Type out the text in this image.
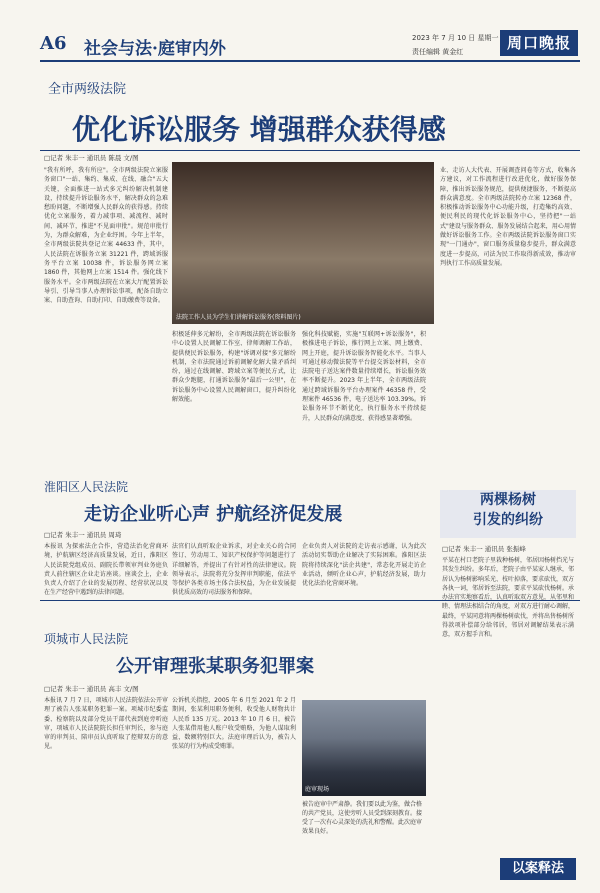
A6 社会与法·庭审内外
2023 年 7 月 10 日 星期一
责任编辑 黄金红	周口晚报
全市两级法院
优化诉讼服务 增强群众获得感
□记者 朱丰一 通讯员 陈晨 文/图
"我有所呼，我有所应"。全市两级法院立案服务窗口"一站、集约、集成、在线、融合"五大关键，全面推进一站式多元纠纷解决机制建设，持续提升诉讼服务水平，解决群众的急难愁盼问题，不断增强人民群众的获得感。持续优化立案服务，着力减事项、减流程、减时间、减环节，推进"不见面审批"。规范审批行为，为群众解难，为企业纾困。今年上半年，全市两级法院共登记立案 44633 件，其中，人民法院在诉服务立案 31221 件，跨域诉服务平台立案 10038 件，诉讼服务网立案 1860 件，其他网上立案 1514 件。强化线下服务水平。全市两级法院在立案大厅配置诉讼导引、引导当事人办理诉讼事项，配备自助立案、自助查询、自助打印、自助缴费等设备。
法院工作人员为学生们讲解诉讼服务(资料图片)
积极延伸多元解纷，全市两级法院在诉讼服务中心设置人民调解工作室、律师调解工作站，提供便民诉讼服务，构建"诉调对接"多元解纷机制，全市法院通过诉前调解化解大量矛盾纠纷，通过在线调解、跨域立案等便民方式，让群众少跑腿，打通诉讼服务"最后一公里"，在诉讼服务中心设置人民调解窗口，提升纠纷化解效能。
强化科技赋能，实施"互联网+诉讼服务"，积极推进电子诉讼，推行网上立案、网上缴费、网上开庭，提升诉讼服务智能化水平。当事人可通过移动微法院等平台提交诉讼材料，全市法院电子送达案件数量持续增长，诉讼服务效率不断提升。2023 年上半年，全市两级法院通过跨域诉服务平台办理案件 46358 件，受理案件 46536 件，电子送达率 103.39%。诉讼服务环节不断优化，执行服务水平持续提升，人民群众的满意度、获得感显著增强。
业、走访人大代表、开展调查问卷等方式，收集各方建议，对工作流程进行改进优化，做好服务保障，推出诉讼服务规范，提供便捷服务，不断提高群众满意度。全市两级法院转办立案 12368 件，积极推动诉讼服务中心功能升级，打造集约高效、便民利民的现代化诉讼服务中心，坚持把"一站式"建设与服务群众、服务发展结合起来，用心用情做好诉讼服务工作。全市两级法院诉讼服务窗口实现"一门通办"，窗口服务质量稳步提升，群众满意度进一步提高，司法为民工作取得新成效，推动审判执行工作高质量发展。
淮阳区人民法院
走访企业听心声 护航经济促发展
□记者 朱丰一 通讯员 周琦
本报讯 为探索法企合作，营造法治化营商环境，护航辖区经济高质量发展，近日，淮阳区人民法院党组成员、副院长带领审判业务庭负责人前往辖区企业走访座谈。座谈会上，企业负责人介绍了企业的发展历程、经营状况以及在生产经营中遇到的法律问题。
法官们认真听取企业诉求，对企业关心的合同签订、劳动用工、知识产权保护等问题进行了详细解答，并提出了有针对性的法律建议。院领导表示，法院将充分发挥审判职能，依法平等保护各类市场主体合法权益，为企业发展提供优质高效的司法服务和保障。
企业负责人对法院的走访表示感谢，认为此次活动切实帮助企业解决了实际困难。淮阳区法院将持续深化"法企共建"，常态化开展走访企业活动，倾听企业心声，护航经济发展，助力优化法治化营商环境。
项城市人民法院
公开审理张某职务犯罪案
□记者 朱丰一 通讯员 高丰 文/图
本报讯 7 月 7 日，项城市人民法院依法公开审理了被告人张某职务犯罪一案。项城市纪委监委、检察院以及部分党员干部代表到庭旁听庭审，项城市人民法院院长担任审判长，参与庭审的审判员、陪审员认真听取了控辩双方的意见。
公诉机关指控，2005 年 6 月至 2021 年 2 月期间，张某利用职务便利，收受他人财物共计人民币 135 万元。2013 年 10 月 6 日，被告人张某借用他人账户收受贿赂，为他人谋取利益，数额特别巨大。法庭审理后认为，被告人张某的行为构成受贿罪。
庭审现场
被告庭审中严肃静。我们要以此为鉴，做合格的共产党员，这使旁听人员受到深刻教育。接受了一次有心灵深处的洗礼和警醒。此次庭审效果良好。
两棵杨树
引发的纠纷
□记者 朱丰一 通讯员 张振峰
平某在村口老院子里栽种杨树，邻居因杨树挡光与其发生纠纷。多年后，老院子由平某家人继承，邻居认为杨树影响采光、枝叶掉落，要求砍伐，双方各执一词，邻居诉至法院，要求平某砍伐杨树。承办法官实地察看后，认真听取双方意见，从邻里和睦、情理法相结合的角度，对双方进行耐心调解，最终，平某同意将两棵杨树砍伐，并将出售杨树所得款项补偿部分给邻居，邻居对调解结果表示满意，双方握手言和。
以案释法
